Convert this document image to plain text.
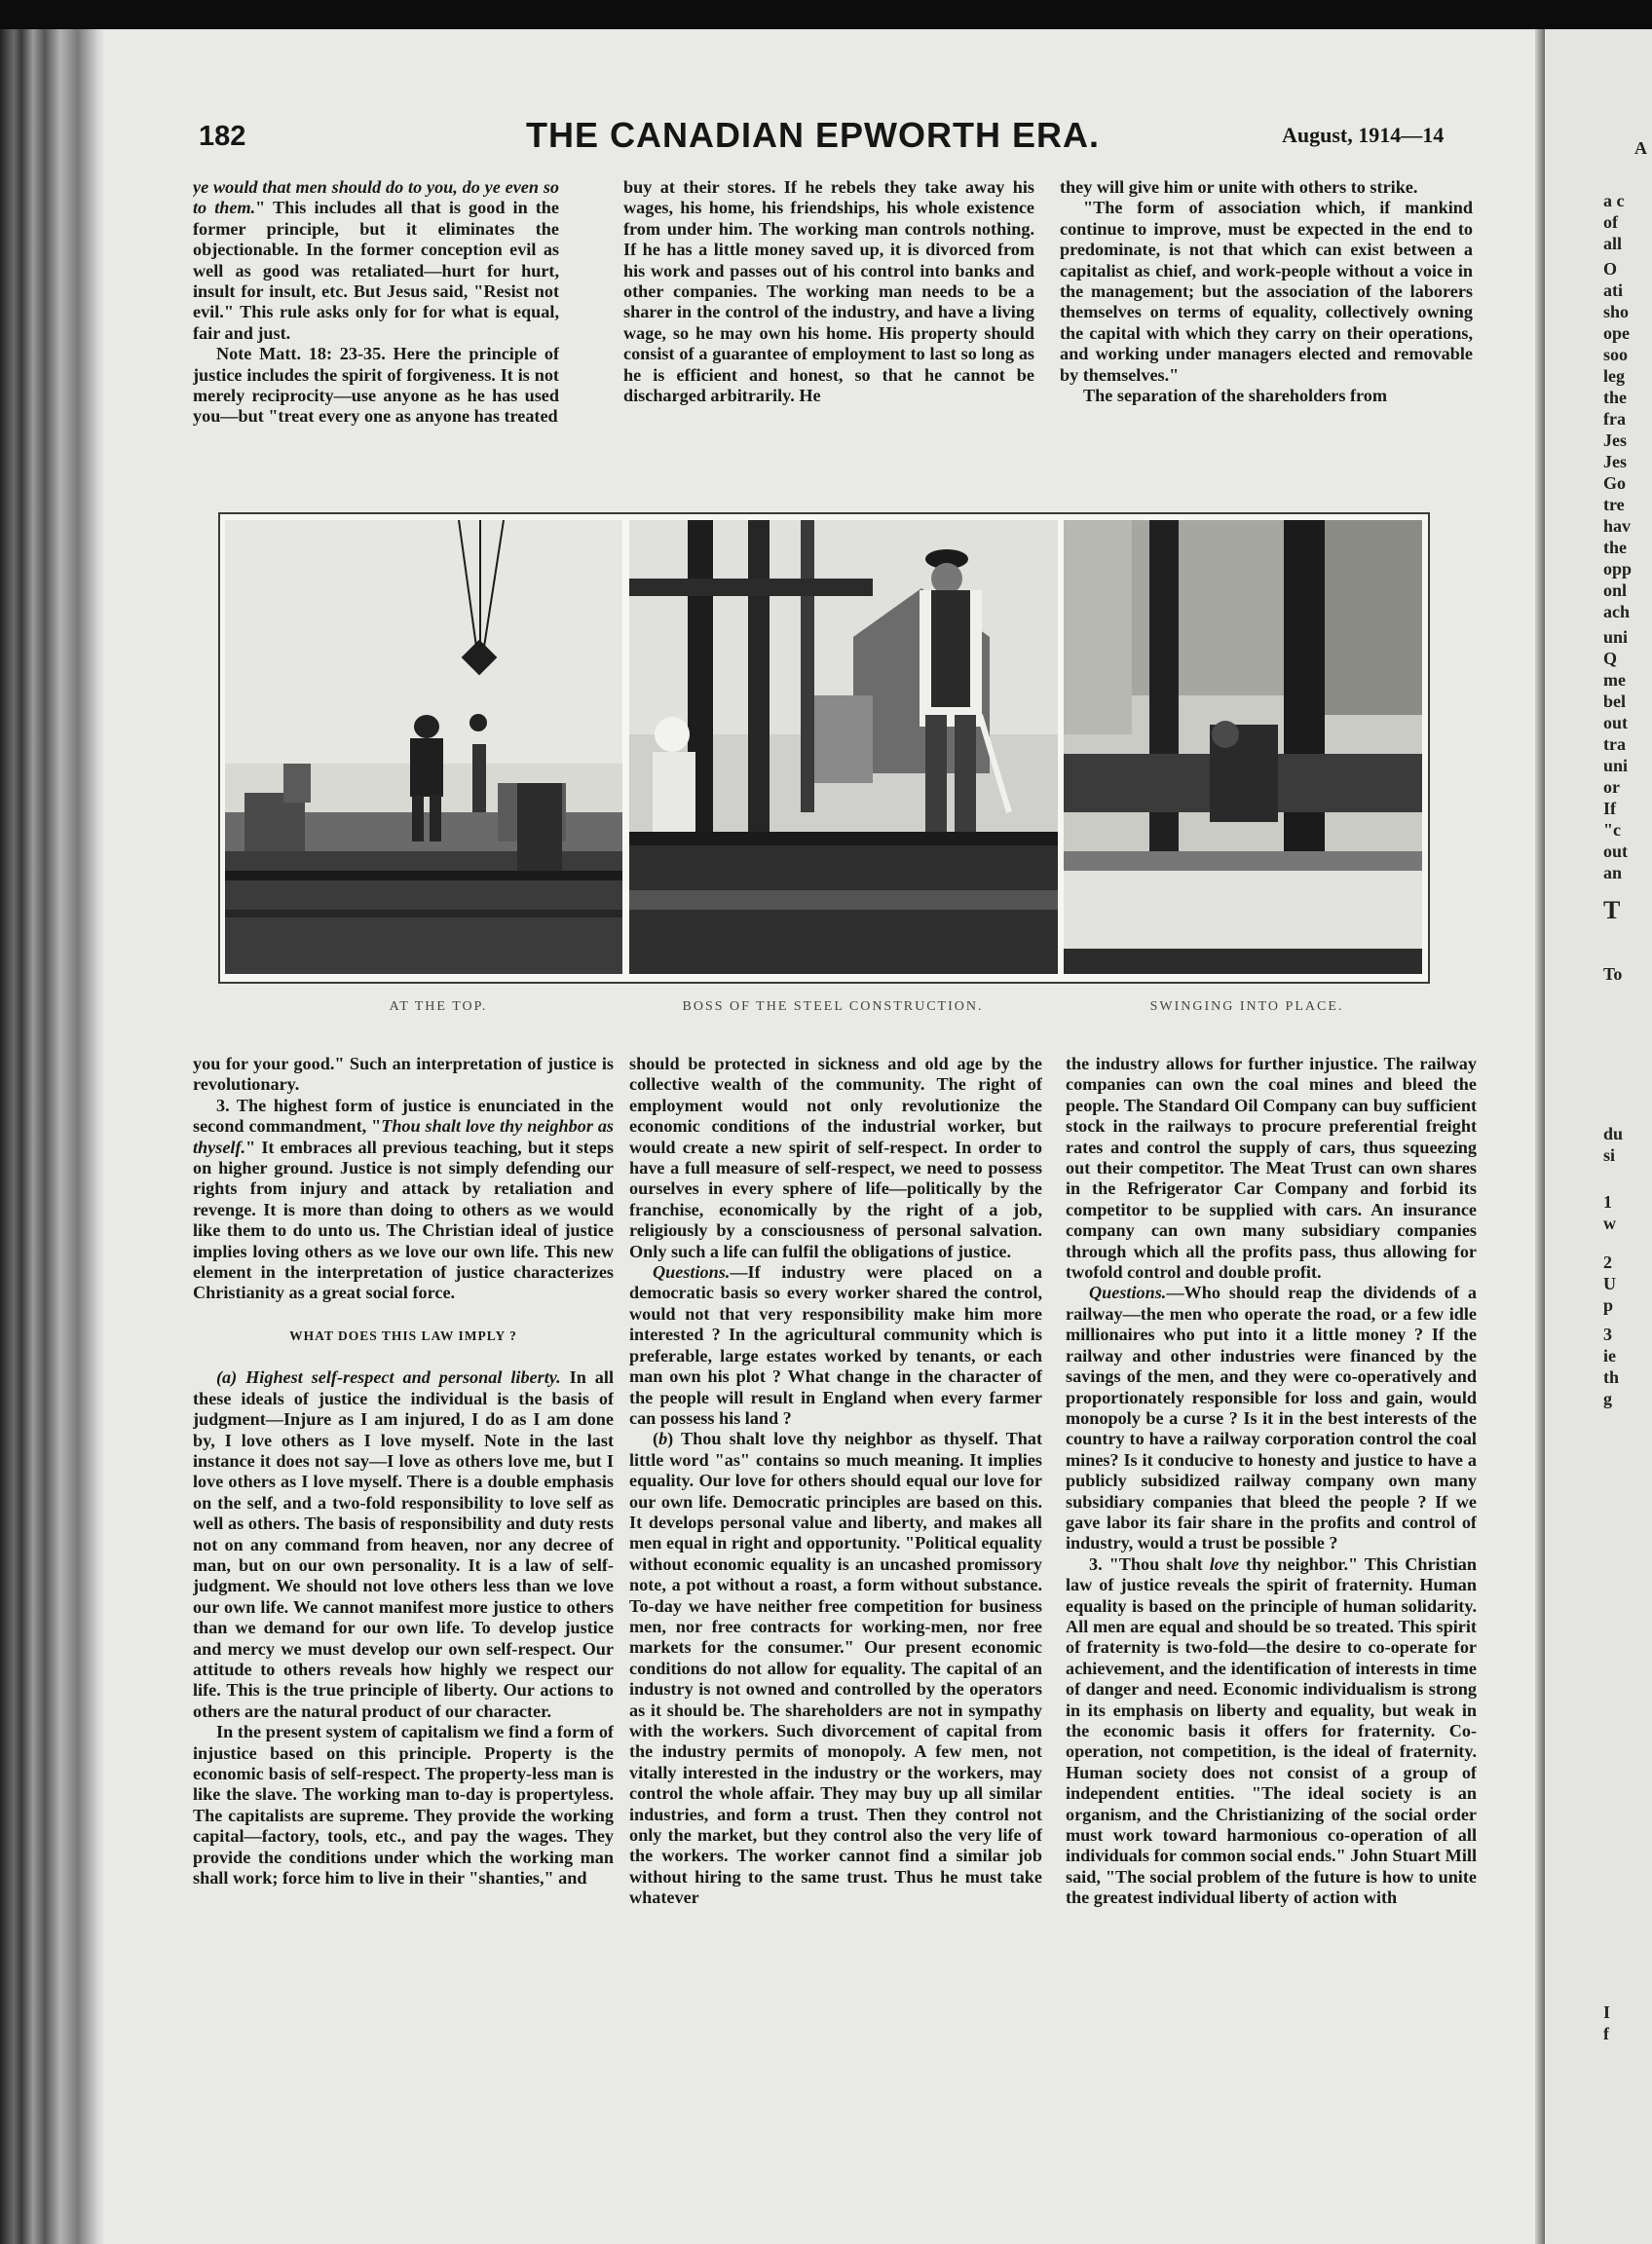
A
a c
of
all
O
ati
sho
ope
soo
leg
the
fra
Jes
Jes
Go
tre
hav
the
opp
onl
ach
uni
Q
me
bel
out
tra
uni
or
If
"c
out
an
T
To
du
si
1
w
2
U
p
3
ie
th
g
I
f
182	THE CANADIAN EPWORTH ERA.	August, 1914—14

ye would that men should do to you, do ye even so to them." This includes all that is good in the former principle, but it eliminates the objectionable. In the former conception evil as well as good was retaliated—hurt for hurt, insult for insult, etc. But Jesus said, "Resist not evil." This rule asks only for for what is equal, fair and just.

Note Matt. 18: 23-35. Here the principle of justice includes the spirit of forgiveness. It is not merely reciprocity—use anyone as he has used you—but "treat every one as anyone has treated

buy at their stores. If he rebels they take away his wages, his home, his friendships, his whole existence from under him. The working man controls nothing. If he has a little money saved up, it is divorced from his work and passes out of his control into banks and other companies. The working man needs to be a sharer in the control of the industry, and have a living wage, so he may own his home. His property should consist of a guarantee of employment to last so long as he is efficient and honest, so that he cannot be discharged arbitrarily. He

they will give him or unite with others to strike.

"The form of association which, if mankind continue to improve, must be expected in the end to predominate, is not that which can exist between a capitalist as chief, and work-people without a voice in the management; but the association of the laborers themselves on terms of equality, collectively owning the capital with which they carry on their operations, and working under managers elected and removable by themselves."

The separation of the shareholders from

AT THE TOP.	BOSS OF THE STEEL CONSTRUCTION.	SWINGING INTO PLACE.

you for your good." Such an interpretation of justice is revolutionary.

3. The highest form of justice is enunciated in the second commandment, "Thou shalt love thy neighbor as thyself." It embraces all previous teaching, but it steps on higher ground. Justice is not simply defending our rights from injury and attack by retaliation and revenge. It is more than doing to others as we would like them to do unto us. The Christian ideal of justice implies loving others as we love our own life. This new element in the interpretation of justice characterizes Christianity as a great social force.

WHAT DOES THIS LAW IMPLY ?

(a) Highest self-respect and personal liberty. In all these ideals of justice the individual is the basis of judgment—Injure as I am injured, I do as I am done by, I love others as I love myself. Note in the last instance it does not say—I love as others love me, but I love others as I love myself. There is a double emphasis on the self, and a two-fold responsibility to love self as well as others. The basis of responsibility and duty rests not on any command from heaven, nor any decree of man, but on our own personality. It is a law of self-judgment. We should not love others less than we love our own life. We cannot manifest more justice to others than we demand for our own life. To develop justice and mercy we must develop our own self-respect. Our attitude to others reveals how highly we respect our life. This is the true principle of liberty. Our actions to others are the natural product of our character.

In the present system of capitalism we find a form of injustice based on this principle. Property is the economic basis of self-respect. The property-less man is like the slave. The working man to-day is propertyless. The capitalists are supreme. They provide the working capital—factory, tools, etc., and pay the wages. They provide the conditions under which the working man shall work; force him to live in their "shanties," and

should be protected in sickness and old age by the collective wealth of the community. The right of employment would not only revolutionize the economic conditions of the industrial worker, but would create a new spirit of self-respect. In order to have a full measure of self-respect, we need to possess ourselves in every sphere of life—politically by the franchise, economically by the right of a job, religiously by a consciousness of personal salvation. Only such a life can fulfil the obligations of justice.

Questions.—If industry were placed on a democratic basis so every worker shared the control, would not that very responsibility make him more interested ? In the agricultural community which is preferable, large estates worked by tenants, or each man own his plot ? What change in the character of the people will result in England when every farmer can possess his land ?

(b) Thou shalt love thy neighbor as thyself. That little word "as" contains so much meaning. It implies equality. Our love for others should equal our love for our own life. Democratic principles are based on this. It develops personal value and liberty, and makes all men equal in right and opportunity. "Political equality without economic equality is an uncashed promissory note, a pot without a roast, a form without substance. To-day we have neither free competition for business men, nor free contracts for working-men, nor free markets for the consumer." Our present economic conditions do not allow for equality. The capital of an industry is not owned and controlled by the operators as it should be. The shareholders are not in sympathy with the workers. Such divorcement of capital from the industry permits of monopoly. A few men, not vitally interested in the industry or the workers, may control the whole affair. They may buy up all similar industries, and form a trust. Then they control not only the market, but they control also the very life of the workers. The worker cannot find a similar job without hiring to the same trust. Thus he must take whatever

the industry allows for further injustice. The railway companies can own the coal mines and bleed the people. The Standard Oil Company can buy sufficient stock in the railways to procure preferential freight rates and control the supply of cars, thus squeezing out their competitor. The Meat Trust can own shares in the Refrigerator Car Company and forbid its competitor to be supplied with cars. An insurance company can own many subsidiary companies through which all the profits pass, thus allowing for twofold control and double profit.

Questions.—Who should reap the dividends of a railway—the men who operate the road, or a few idle millionaires who put into it a little money ? If the railway and other industries were financed by the savings of the men, and they were co-operatively and proportionately responsible for loss and gain, would monopoly be a curse ? Is it in the best interests of the country to have a railway corporation control the coal mines? Is it conducive to honesty and justice to have a publicly subsidized railway company own many subsidiary companies that bleed the people ? If we gave labor its fair share in the profits and control of industry, would a trust be possible ?

3. "Thou shalt love thy neighbor." This Christian law of justice reveals the spirit of fraternity. Human equality is based on the principle of human solidarity. All men are equal and should be so treated. This spirit of fraternity is two-fold—the desire to co-operate for achievement, and the identification of interests in time of danger and need. Economic individualism is strong in its emphasis on liberty and equality, but weak in the economic basis it offers for fraternity. Co-operation, not competition, is the ideal of fraternity. Human society does not consist of a group of independent entities. "The ideal society is an organism, and the Christianizing of the social order must work toward harmonious co-operation of all individuals for common social ends." John Stuart Mill said, "The social problem of the future is how to unite the greatest individual liberty of action with
